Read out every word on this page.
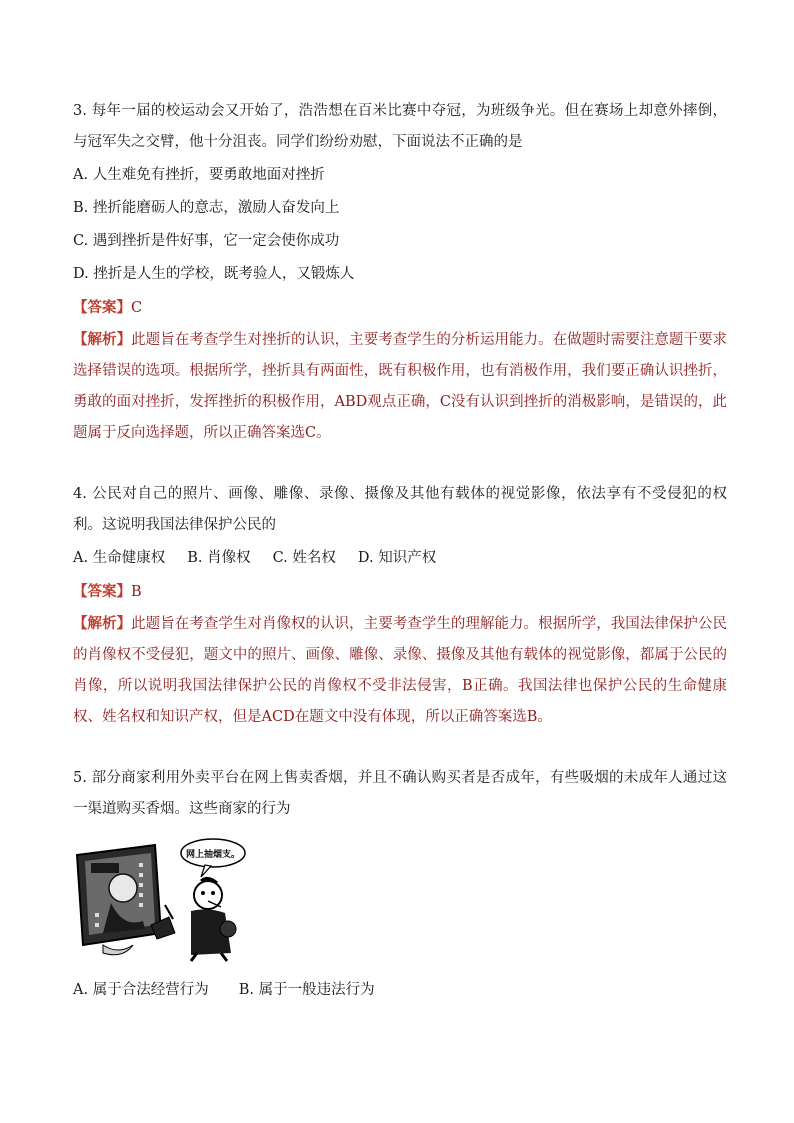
3. 每年一届的校运动会又开始了，浩浩想在百米比赛中夺冠，为班级争光。但在赛场上却意外摔倒，与冠军失之交臂，他十分沮丧。同学们纷纷劝慰，下面说法不正确的是

A. 人生难免有挫折，要勇敢地面对挫折

B. 挫折能磨砺人的意志，激励人奋发向上

C. 遇到挫折是件好事，它一定会使你成功

D. 挫折是人生的学校，既考验人，又锻炼人

【答案】C

【解析】此题旨在考查学生对挫折的认识，主要考查学生的分析运用能力。在做题时需要注意题干要求选择错误的选项。根据所学，挫折具有两面性，既有积极作用，也有消极作用，我们要正确认识挫折，勇敢的面对挫折，发挥挫折的积极作用，ABD观点正确，C没有认识到挫折的消极影响，是错误的，此题属于反向选择题，所以正确答案选C。

4. 公民对自己的照片、画像、雕像、录像、摄像及其他有载体的视觉影像，依法享有不受侵犯的权利。这说明我国法律保护公民的

A. 生命健康权 B. 肖像权 C. 姓名权 D. 知识产权

【答案】B

【解析】此题旨在考查学生对肖像权的认识，主要考查学生的理解能力。根据所学，我国法律保护公民的肖像权不受侵犯，题文中的照片、画像、雕像、录像、摄像及其他有载体的视觉影像，都属于公民的肖像，所以说明我国法律保护公民的肖像权不受非法侵害，B正确。我国法律也保护公民的生命健康权、姓名权和知识产权，但是ACD在题文中没有体现，所以正确答案选B。

5. 部分商家利用外卖平台在网上售卖香烟，并且不确认购买者是否成年，有些吸烟的未成年人通过这一渠道购买香烟。这些商家的行为

网上抽烟支。

A. 属于合法经营行为 B. 属于一般违法行为
